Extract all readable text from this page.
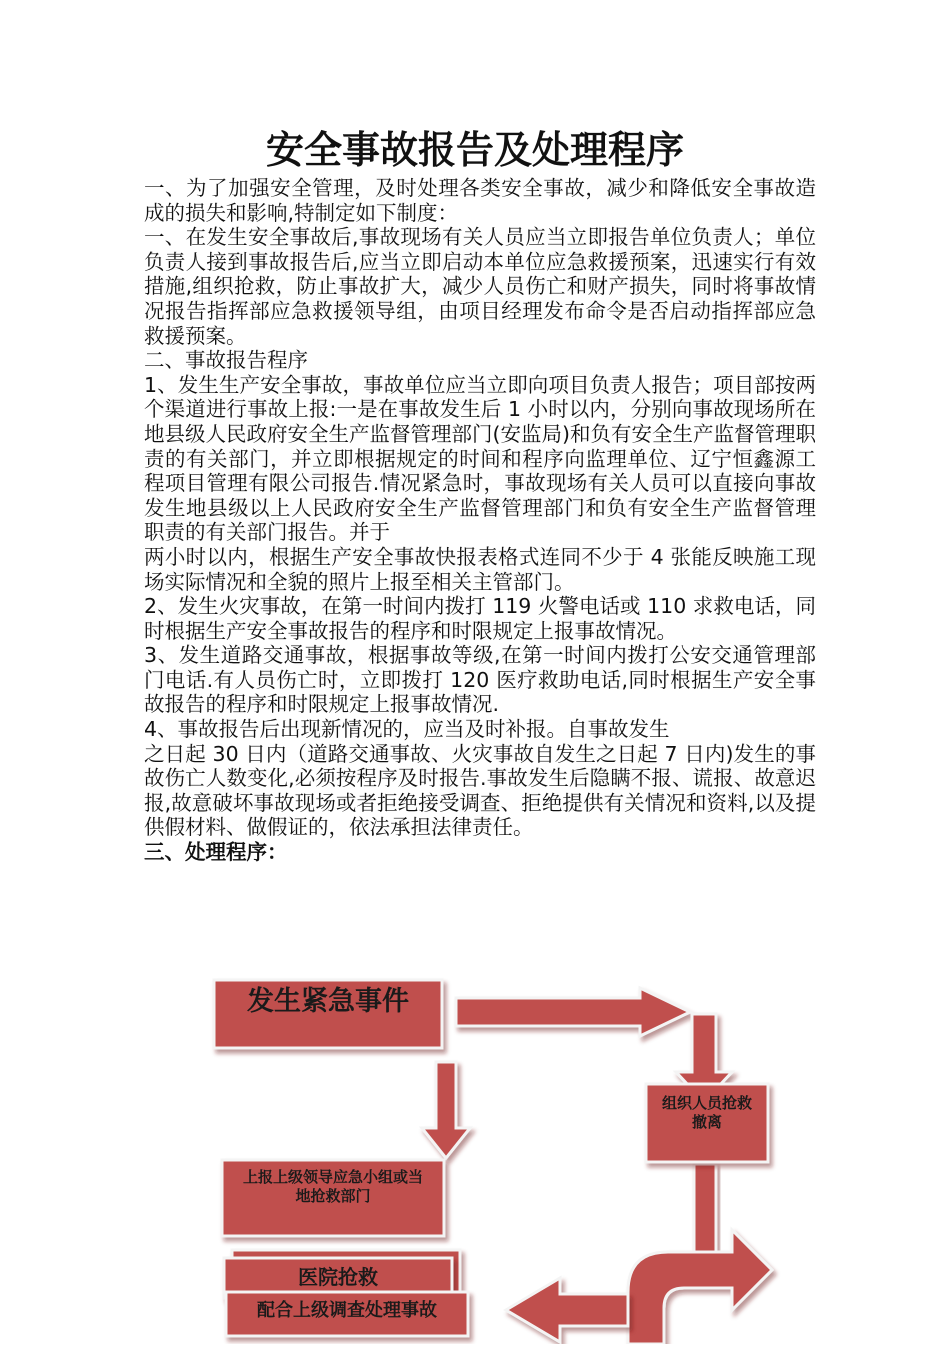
安全事故报告及处理程序

一、为了加强安全管理，及时处理各类安全事故，减少和降低安全事故造成的损失和影响,特制定如下制度：

一、在发生安全事故后,事故现场有关人员应当立即报告单位负责人；单位负责人接到事故报告后,应当立即启动本单位应急救援预案，迅速实行有效措施,组织抢救，防止事故扩大，减少人员伤亡和财产损失，同时将事故情况报告指挥部应急救援领导组，由项目经理发布命令是否启动指挥部应急救援预案。

二、事故报告程序

1、发生生产安全事故，事故单位应当立即向项目负责人报告；项目部按两个渠道进行事故上报:一是在事故发生后 1 小时以内，分别向事故现场所在地县级人民政府安全生产监督管理部门(安监局)和负有安全生产监督管理职责的有关部门，并立即根据规定的时间和程序向监理单位、辽宁恒鑫源工程项目管理有限公司报告.情况紧急时，事故现场有关人员可以直接向事故发生地县级以上人民政府安全生产监督管理部门和负有安全生产监督管理职责的有关部门报告。并于

两小时以内，根据生产安全事故快报表格式连同不少于 4 张能反映施工现场实际情况和全貌的照片上报至相关主管部门。

2、发生火灾事故，在第一时间内拨打 119 火警电话或 110 求救电话，同时根据生产安全事故报告的程序和时限规定上报事故情况。

3、发生道路交通事故，根据事故等级,在第一时间内拨打公安交通管理部门电话.有人员伤亡时，立即拨打 120 医疗救助电话,同时根据生产安全事故报告的程序和时限规定上报事故情况.

4、事故报告后出现新情况的，应当及时补报。自事故发生

之日起 30 日内（道路交通事故、火灾事故自发生之日起 7 日内)发生的事故伤亡人数变化,必须按程序及时报告.事故发生后隐瞒不报、谎报、故意迟报,故意破坏事故现场或者拒绝接受调查、拒绝提供有关情况和资料,以及提供假材料、做假证的，依法承担法律责任。

三、处理程序：

发生紧急事件
组织人员抢救撤离
上报上级领导应急小组或当地抢救部门
医院抢救
配合上级调查处理事故
